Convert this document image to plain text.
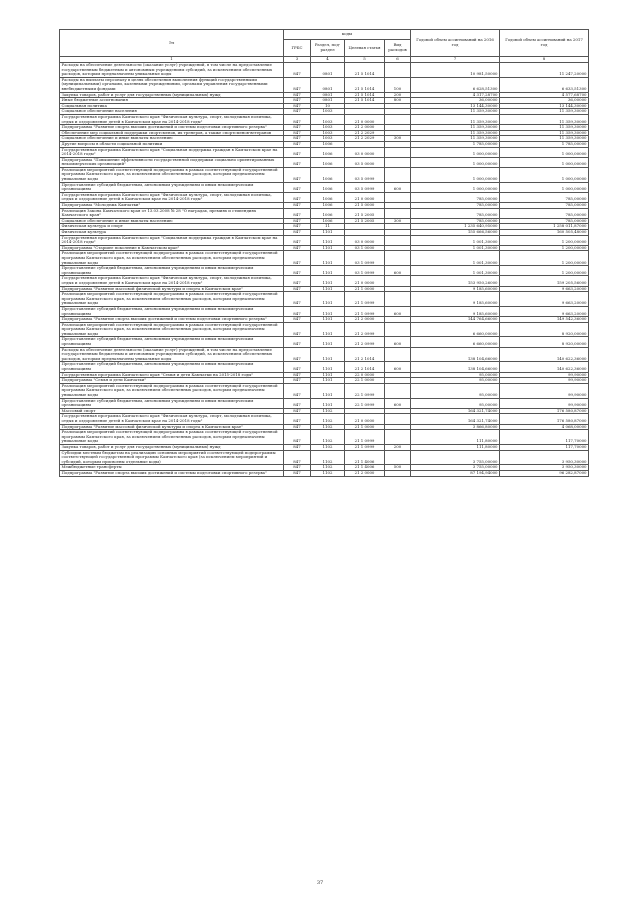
Эл	коды				Годовой объем ассигнований на 2016 год	Годовой объем ассигнований на 2017 год
	ГРБС	Раздел, под-раздел	Целевая статья	Вид расходов		
1	3	4	5	6	7	8
Расходы на обеспечение деятельности (оказание услуг) учреждений, в том числе на предоставление государственным бюджетным и автономным учреждениям субсидий, за исключением обеспеченных расходов, которым предназначены уникальные коды	847	0801	21 5 1014		10 981,50000	11 247,20000
Расходы на выплаты персоналу в целях обеспечения выполнения функций государственными (муниципальными) органами, казенными учреждениями, органами управления государственными внебюджетными фондами	847	0801	21 5 1014	100	6 628,51300	6 633,51300
Закупка товаров, работ и услуг для государственных (муниципальных) нужд	847	0801	21 5 1014	200	4 317,28700	4 577,68700
Иные бюджетные ассигнования	847	0801	21 5 1014	800	36,00000	36,00000
Социальная политика	847	10			13 144,30000	13 144,30000
Социальное обеспечение населения	847	1003			11 359,30000	11 359,30000
Государственная программа Камчатского края "Физическая культура, спорт, молодежная политика, отдых и оздоровление детей в Камчатском крае на 2014-2018 годы"	847	1003	21 0 0000		11 359,30000	11 359,30000
Подпрограмма "Развитие спорта высших достижений и системы подготовки спортивного резерва"	847	1003	21 2 0000		11 359,30000	11 359,30000
Обеспечение мер социальной поддержки спортсменов, их тренеров, а также спортсменов-ветеранов	847	1003	21 2 2029		11 359,30000	11 359,30000
Социальное обеспечение и иные выплаты населению	847	1003	21 2 2029	300	11 359,30000	11 359,30000
Другие вопросы в области социальной политики	847	1006			1 785,00000	1 785,00000
Государственная программа Камчатского края "Социальная поддержка граждан в Камчатском крае на 2014-2018 годы"	847	1006	03 0 0000		1 000,00000	1 000,00000
Подпрограмма "Повышение эффективности государственной поддержки социально ориентированных некоммерческих организаций"	847	1006	03 5 0000		1 000,00000	1 000,00000
Реализация мероприятий соответствующей подпрограммы в рамках соответствующей государственной программы Камчатского края, за исключением обеспеченных расходов, которым предназначены уникальные коды	847	1006	03 5 0999		1 000,00000	1 000,00000
Предоставление субсидий бюджетным, автономным учреждениям и иным некоммерческим организациям	847	1006	03 5 0999	600	1 000,00000	1 000,00000
Государственная программа Камчатского края "Физическая культура, спорт, молодежная политика, отдых и оздоровление детей в Камчатском крае на 2014-2018 годы"	847	1006	21 0 0000		785,00000	785,00000
Подпрограмма "Молодежь Камчатки"	847	1006	21 5 0000		785,00000	785,00000
Реализация Закона Камчатского края от 13.03.2008 № 28 "О наградах, премиях и стипендиях Камчатского края"	847	1006	21 5 2005		785,00000	785,00000
Социальное обеспечение и иные выплаты населению	847	1006	21 5 2005	300	785,00000	785,00000
Физическая культура и спорт	847	11			1 235 640,95000	1 258 011,87000
Физическая культура	847	1101			155 666,56000	160 505,48000
Государственная программа Камчатского края "Социальная поддержка граждан в Камчатском крае на 2014-2018 годы"	847	1101	03 0 0000		1 001,30000	1 200,00000
Подпрограмма "Старшее поколение в Камчатском крае"	847	1101	03 1 0000		1 001,30000	1 200,00000
Реализация мероприятий соответствующей подпрограммы в рамках соответствующей государственной программы Камчатского края, за исключением обеспеченных расходов, которым предназначены уникальные коды	847	1101	03 1 0999		1 001,30000	1 200,00000
Предоставление субсидий бюджетным, автономным учреждениям и иным некоммерческим организациям	847	1101	03 1 0999	600	1 001,30000	1 200,00000
Государственная программа Камчатского края "Физическая культура, спорт, молодежная политика, отдых и оздоровление детей в Камчатском крае на 2014-2018 годы"	847	1101	21 0 0000		153 950,26000	159 205,56000
Подпрограмма "Развитие массовой физической культуры и спорта в Камчатском крае"	847	1101	21 1 0000		9 185,60000	9 663,20000
Реализация мероприятий соответствующей подпрограммы в рамках соответствующей государственной программы Камчатского края, за исключением обеспеченных расходов, которым предназначены уникальные коды	847	1101	21 1 0999		9 185,60000	9 663,20000
Предоставление субсидий бюджетным, автономным учреждениям и иным некоммерческим организациям	847	1101	21 1 0999	600	9 185,60000	9 663,20000
Подпрограмма "Развитие спорта высших достижений и системы подготовки спортивного резерва"	847	1101	21 2 0000		144 764,66000	149 542,36000
Реализация мероприятий соответствующей подпрограммы в рамках соответствующей государственной программы Камчатского края, за исключением обеспеченных расходов, которым предназначены уникальные коды	847	1101	21 2 0999		6 660,00000	8 920,00000
Предоставление субсидий бюджетным, автономным учреждениям и иным некоммерческим организациям	847	1101	21 2 0999	600	6 660,00000	8 920,00000
Расходы на обеспечение деятельности (оказание услуг) учреждений, в том числе на предоставление государственным бюджетным и автономным учреждениям субсидий, за исключением обеспеченных расходов, которым предназначены уникальные коды	847	1101	21 2 1014		138 104,66000	140 622,36000
Предоставление субсидий бюджетным, автономным учреждениям и иным некоммерческим организациям	847	1101	21 2 1014	600	138 104,66000	140 622,36000
Государственная программа Камчатского края "Семья и дети Камчатки на 2015-2018 годы"	847	1101	22 0 0000		95,00000	99,90000
Подпрограмма "Семья и дети Камчатки"	847	1101	22 1 0000		95,00000	99,90000
Реализация мероприятий соответствующей подпрограммы в рамках соответствующей государственной программы Камчатского края, за исключением обеспеченных расходов, которым предназначены уникальные коды	847	1101	22 1 0999		95,00000	99,90000
Предоставление субсидий бюджетным, автономным учреждениям и иным некоммерческим организациям	847	1101	22 1 0999	600	95,00000	99,90000
Массовый спорт	847	1102			164 321,74000	176 580,87000
Государственная программа Камчатского края "Физическая культура, спорт, молодежная политика, отдых и оздоровление детей в Камчатском крае на 2014-2018 годы"	847	1102	21 0 0000		164 321,74000	176 580,87000
Подпрограмма "Развитие массовой физической культуры и спорта в Камчатском крае"	847	1102	21 1 0000		3 866,80000	4 068,00000
Реализация мероприятий соответствующей подпрограммы в рамках соответствующей государственной программы Камчатского края, за исключением обеспеченных расходов, которым предназначены уникальные коды	847	1102	21 1 0999		111,80000	117,70000
Закупка товаров, работ и услуг для государственных (муниципальных) нужд	847	1102	21 1 0999	200	111,80000	117,70000
Субсидии местным бюджетам на реализацию основных мероприятий соответствующей подпрограммы соответствующей государственной программы Камчатского края (за исключением мероприятий и субсидий, которым присвоены отдельные коды)	847	1102	21 1 4006		3 755,00000	3 950,30000
Межбюджетные трансферты	847	1102	21 1 4006	500	3 755,00000	3 950,30000
Подпрограмма "Развитие спорта высших достижений и системы подготовки спортивного резерва"	847	1102	21 2 0000		87 194,94000	96 282,87000
37
